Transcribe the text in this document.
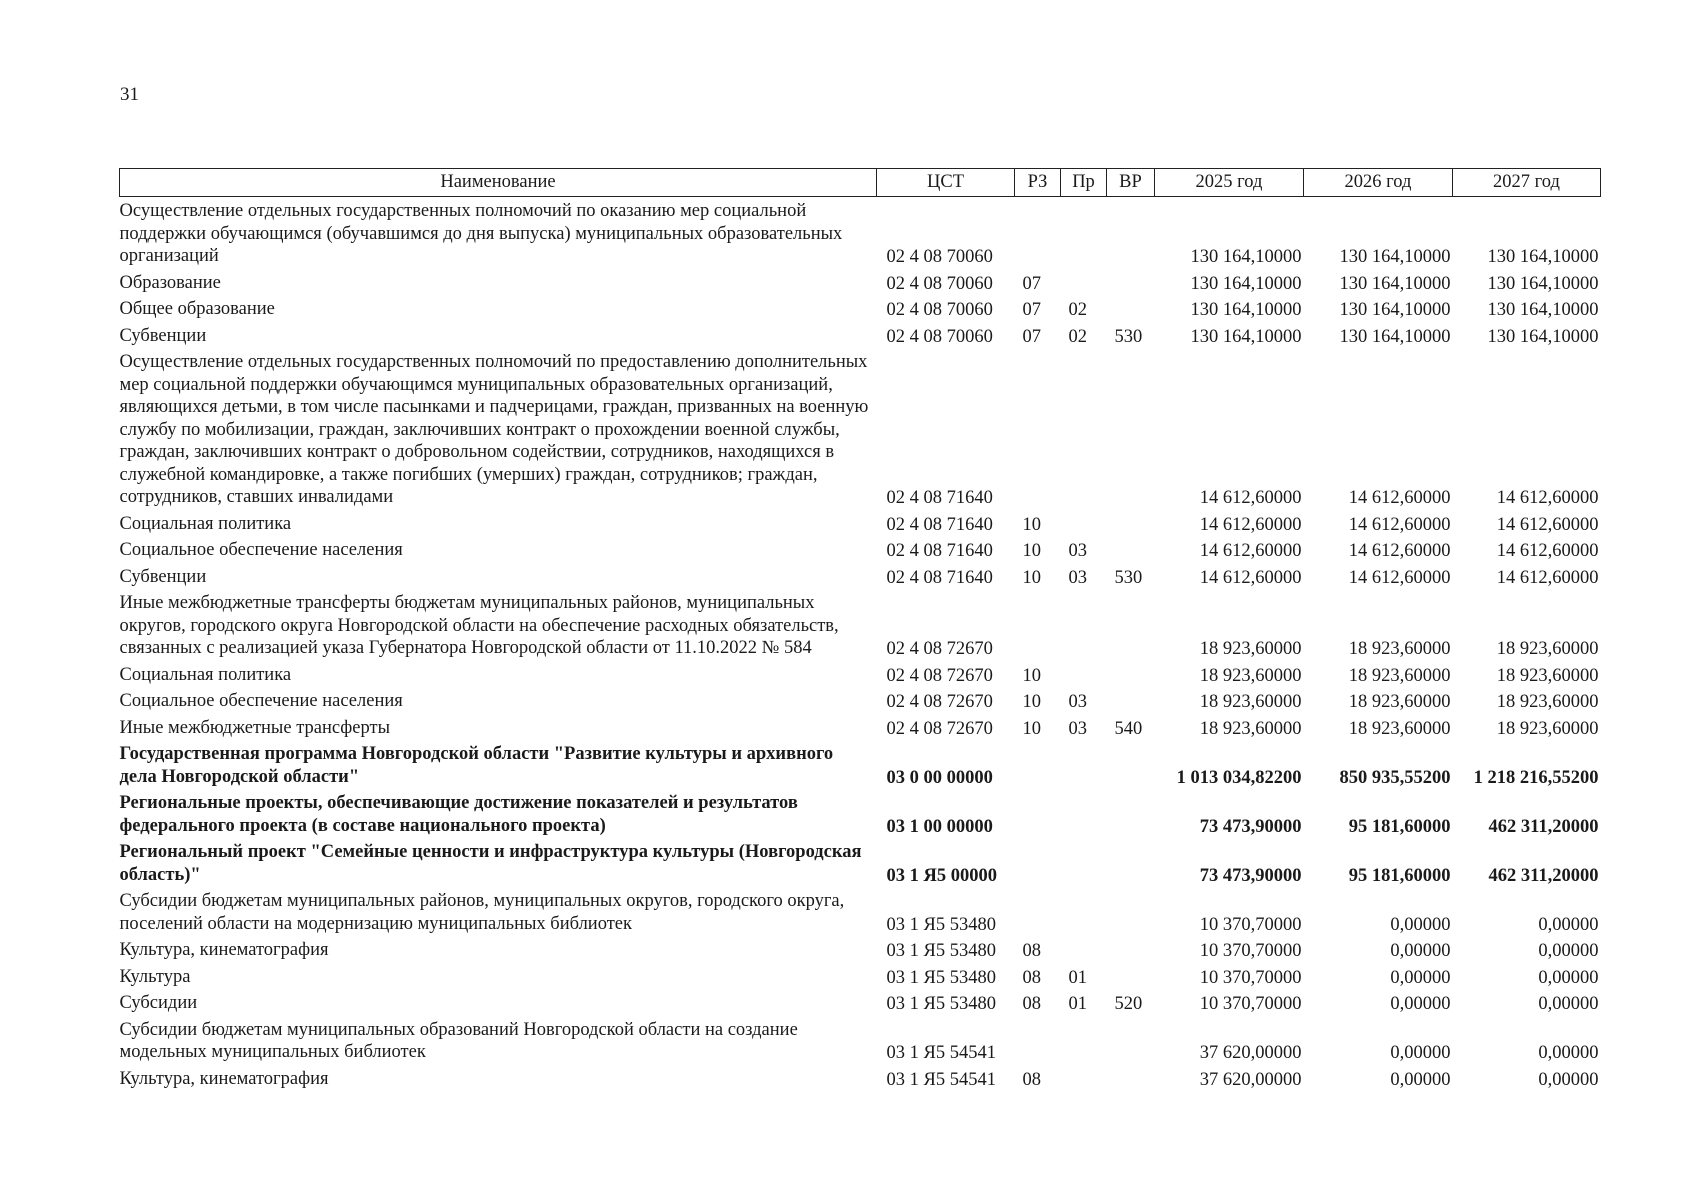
31
Наименование	ЦСТ	РЗ	Пр	ВР	2025 год	2026 год	2027 год
Осуществление отдельных государственных полномочий по оказанию мер социальной поддержки обучающимся (обучавшимся до дня выпуска) муниципальных образовательных организаций	02 4 08 70060				130 164,10000	130 164,10000	130 164,10000
Образование	02 4 08 70060	07			130 164,10000	130 164,10000	130 164,10000
Общее образование	02 4 08 70060	07	02		130 164,10000	130 164,10000	130 164,10000
Субвенции	02 4 08 70060	07	02	530	130 164,10000	130 164,10000	130 164,10000
Осуществление отдельных государственных полномочий по предоставлению дополнительных мер социальной поддержки обучающимся муниципальных образовательных организаций, являющихся детьми, в том числе пасынками и падчерицами, граждан, призванных на военную службу по мобилизации, граждан, заключивших контракт о прохождении военной службы, граждан, заключивших контракт о добровольном содействии, сотрудников, находящихся в служебной командировке, а также погибших (умерших) граждан, сотрудников; граждан, сотрудников, ставших инвалидами	02 4 08 71640				14 612,60000	14 612,60000	14 612,60000
Социальная политика	02 4 08 71640	10			14 612,60000	14 612,60000	14 612,60000
Социальное обеспечение населения	02 4 08 71640	10	03		14 612,60000	14 612,60000	14 612,60000
Субвенции	02 4 08 71640	10	03	530	14 612,60000	14 612,60000	14 612,60000
Иные межбюджетные трансферты бюджетам муниципальных районов, муниципальных округов, городского округа Новгородской области на обеспечение расходных обязательств, связанных с реализацией указа Губернатора Новгородской области от 11.10.2022 № 584	02 4 08 72670				18 923,60000	18 923,60000	18 923,60000
Социальная политика	02 4 08 72670	10			18 923,60000	18 923,60000	18 923,60000
Социальное обеспечение населения	02 4 08 72670	10	03		18 923,60000	18 923,60000	18 923,60000
Иные межбюджетные трансферты	02 4 08 72670	10	03	540	18 923,60000	18 923,60000	18 923,60000
Государственная программа Новгородской области "Развитие культуры и архивного дела Новгородской области"	03 0 00 00000				1 013 034,82200	850 935,55200	1 218 216,55200
Региональные проекты, обеспечивающие достижение показателей и результатов федерального проекта (в составе национального проекта)	03 1 00 00000				73 473,90000	95 181,60000	462 311,20000
Региональный проект "Семейные ценности и инфраструктура культуры (Новгородская область)"	03 1 Я5 00000				73 473,90000	95 181,60000	462 311,20000
Субсидии бюджетам муниципальных районов, муниципальных округов, городского округа, поселений области на модернизацию муниципальных библиотек	03 1 Я5 53480				10 370,70000	0,00000	0,00000
Культура, кинематография	03 1 Я5 53480	08			10 370,70000	0,00000	0,00000
Культура	03 1 Я5 53480	08	01		10 370,70000	0,00000	0,00000
Субсидии	03 1 Я5 53480	08	01	520	10 370,70000	0,00000	0,00000
Субсидии бюджетам муниципальных образований Новгородской области на создание модельных муниципальных библиотек	03 1 Я5 54541				37 620,00000	0,00000	0,00000
Культура, кинематография	03 1 Я5 54541	08			37 620,00000	0,00000	0,00000
